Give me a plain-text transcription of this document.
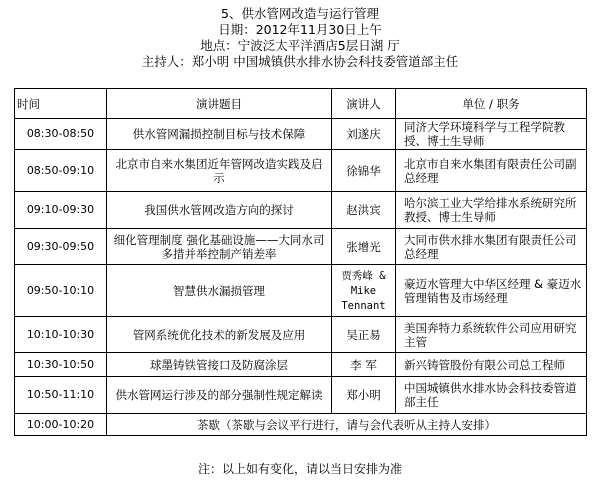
5、供水管网改造与运行管理
日期：2012年11月30日上午
地点：宁波泛太平洋酒店5层日湖 厅
主持人：郑小明 中国城镇供水排水协会科技委管道部主任
时间	演讲题目	演讲人	单位 / 职务
08:30-08:50	供水管网漏损控制目标与技术保障	刘遂庆	同济大学环境科学与工程学院教授、博士生导师
08:50-09:10	北京市自来水集团近年管网改造实践及启示	徐锦华	北京市自来水集团有限责任公司副总经理
09:10-09:30	我国供水管网改造方向的探讨	赵洪宾	哈尔滨工业大学给排水系统研究所教授、博士生导师
09:30-09:50	细化管理制度 强化基础设施——大同水司多措并举控制产销差率	张增光	大同市供水排水集团有限责任公司总经理
09:50-10:10	智慧供水漏损管理	贾秀峰 & Mike Tennant	豪迈水管理大中华区经理 & 豪迈水管理销售及市场经理
10:10-10:30	管网系统优化技术的新发展及应用	吴正易	美国奔特力系统软件公司应用研究主管
10:30-10:50	球墨铸铁管接口及防腐涂层	李 军	新兴铸管股份有限公司总工程师
10:50-11:10	供水管网运行涉及的部分强制性规定解读	郑小明	中国城镇供水排水协会科技委管道部主任
10:00-10:20	茶歇（茶歇与会议平行进行，请与会代表听从主持人安排）		
注：以上如有变化，请以当日安排为准
